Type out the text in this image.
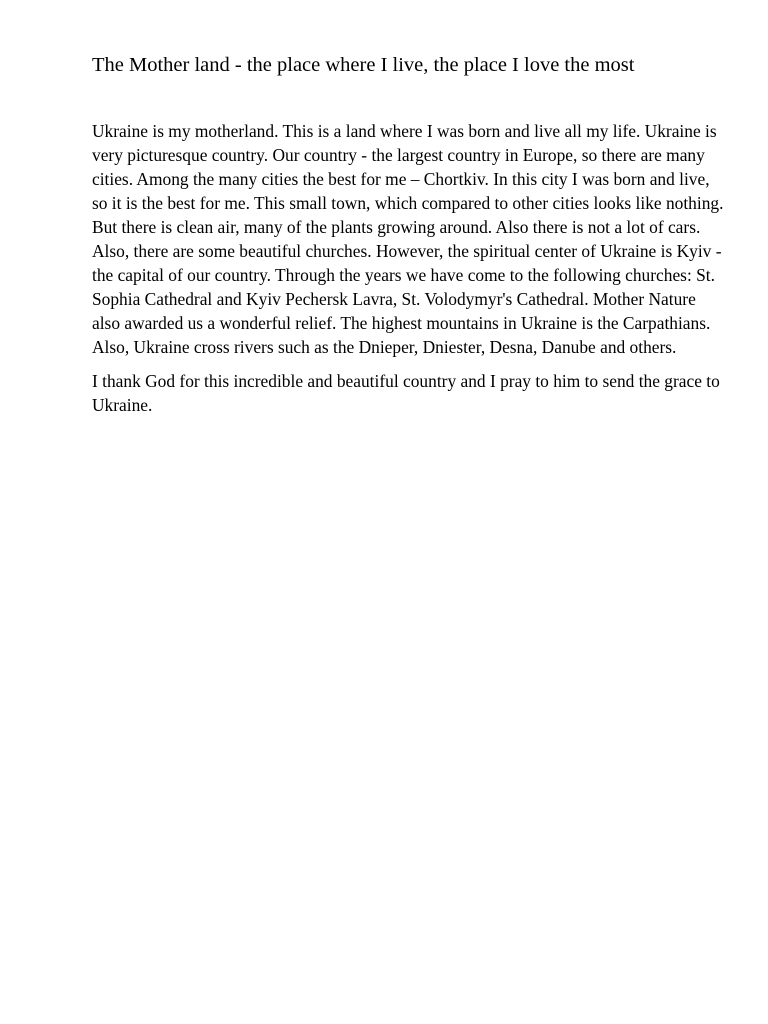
The Mother land - the place where I live, the place I love the most

Ukraine is my motherland. This is a land where I was born and live all my life. Ukraine is very picturesque country. Our country - the largest country in Europe, so there are many cities. Among the many cities the best for me – Chortkiv. In this city I was born and live, so it is the best for me. This small town, which compared to other cities looks like nothing. But there is clean air, many of the plants growing around. Also there is not a lot of cars. Also, there are some beautiful churches. However, the spiritual center of Ukraine is Kyiv - the capital of our country. Through the years we have come to the following churches: St. Sophia Cathedral and Kyiv Pechersk Lavra, St. Volodymyr's Cathedral. Mother Nature also awarded us a wonderful relief. The highest mountains in Ukraine is the Carpathians. Also, Ukraine cross rivers such as the Dnieper, Dniester, Desna, Danube and others.

I thank God for this incredible and beautiful country and I pray to him to send the grace to Ukraine.
